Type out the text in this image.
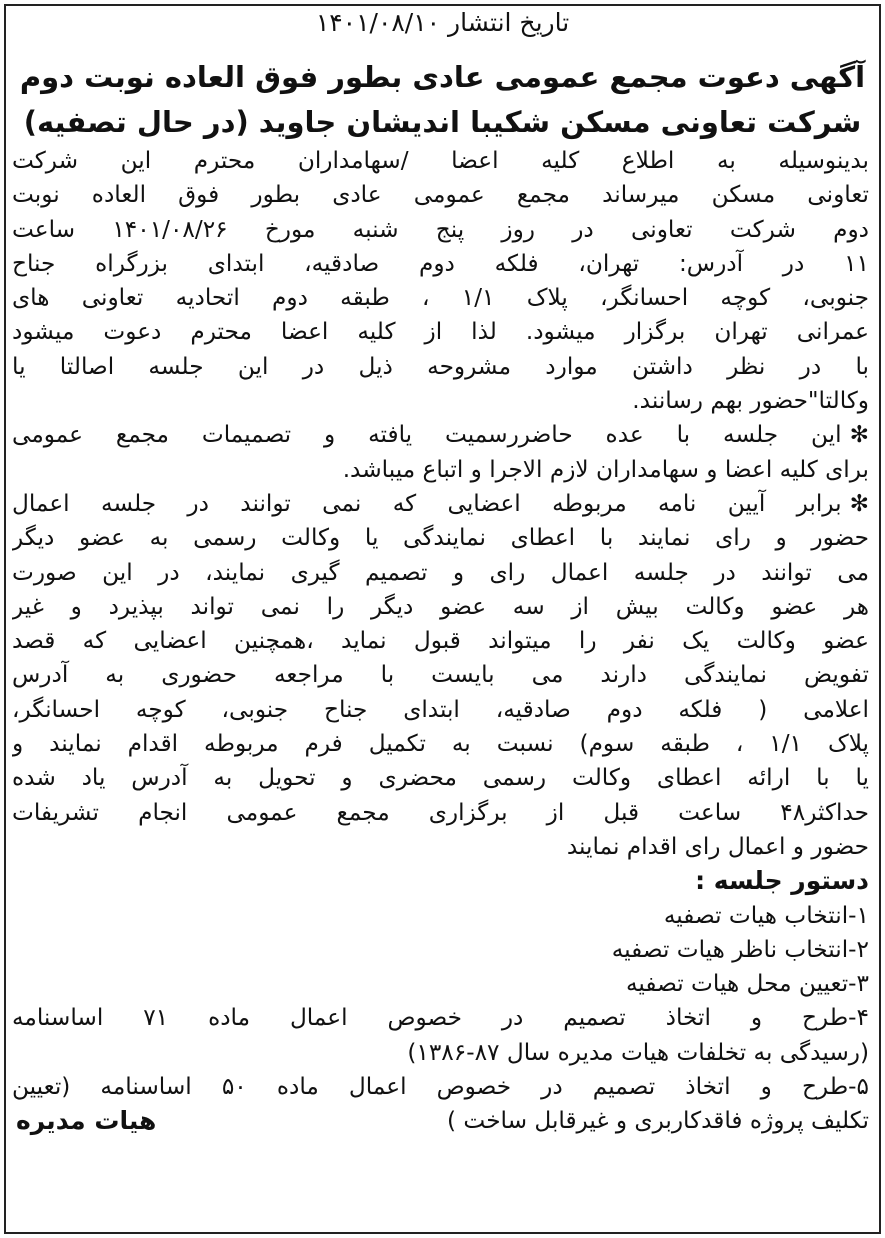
تاریخ انتشار ۱۴۰۱/۰۸/۱۰
آگهی دعوت مجمع عمومی عادی بطور فوق العاده نوبت دوم
شرکت تعاونی مسکن شکیبا اندیشان جاوید (در حال تصفیه)
بدینوسیله به اطلاع کلیه اعضا /سهامداران محترم این شرکت
تعاونی مسکن میرساند مجمع عمومی عادی بطور فوق العاده نوبت
دوم شرکت تعاونی در روز پنج شنبه مورخ ۱۴۰۱/۰۸/۲۶ ساعت
۱۱ در آدرس: تهران، فلکه دوم صادقیه، ابتدای بزرگراه جناح
جنوبی، کوچه احسانگر، پلاک ۱/۱ ، طبقه دوم اتحادیه تعاونی های
عمرانی تهران برگزار میشود. لذا از کلیه اعضا محترم دعوت میشود
با در نظر داشتن موارد مشروحه ذیل در این جلسه اصالتا یا
وکالتا"حضور بهم رسانند.
✻این جلسه با عده حاضررسمیت یافته و تصمیمات مجمع عمومی
برای کلیه اعضا و سهامداران لازم الاجرا و اتباع میباشد.
✻برابر آیین نامه مربوطه اعضایی که نمی توانند در جلسه اعمال
حضور و رای نمایند با اعطای نمایندگی یا وکالت رسمی به عضو دیگر
می توانند در جلسه اعمال رای و تصمیم گیری نمایند، در این صورت
هر عضو وکالت بیش از سه عضو دیگر را نمی تواند بپذیرد و غیر
عضو وکالت یک نفر را میتواند قبول نماید ،همچنین اعضایی که قصد
تفویض نمایندگی دارند می بایست با مراجعه حضوری به آدرس
اعلامی ( فلکه دوم صادقیه، ابتدای جناح جنوبی، کوچه احسانگر،
پلاک ۱/۱ ، طبقه سوم) نسبت به تکمیل فرم مربوطه اقدام نمایند و
یا با ارائه اعطای وکالت رسمی محضری و تحویل به آدرس یاد شده
حداکثر۴۸ ساعت قبل از برگزاری مجمع عمومی انجام تشریفات
حضور و اعمال رای اقدام نمایند
دستور جلسه :
۱-انتخاب هیات تصفیه
۲-انتخاب ناظر هیات تصفیه
۳-تعیین محل هیات تصفیه
۴-طرح و اتخاذ تصمیم در خصوص اعمال ماده ۷۱ اساسنامه
(رسیدگی به تخلفات هیات مدیره سال ۸۷-۱۳۸۶)
۵-طرح و اتخاذ تصمیم در خصوص اعمال ماده ۵۰ اساسنامه (تعیین
تکلیف پروژه فاقدکاربری و غیرقابل ساخت )
هیات مدیره
